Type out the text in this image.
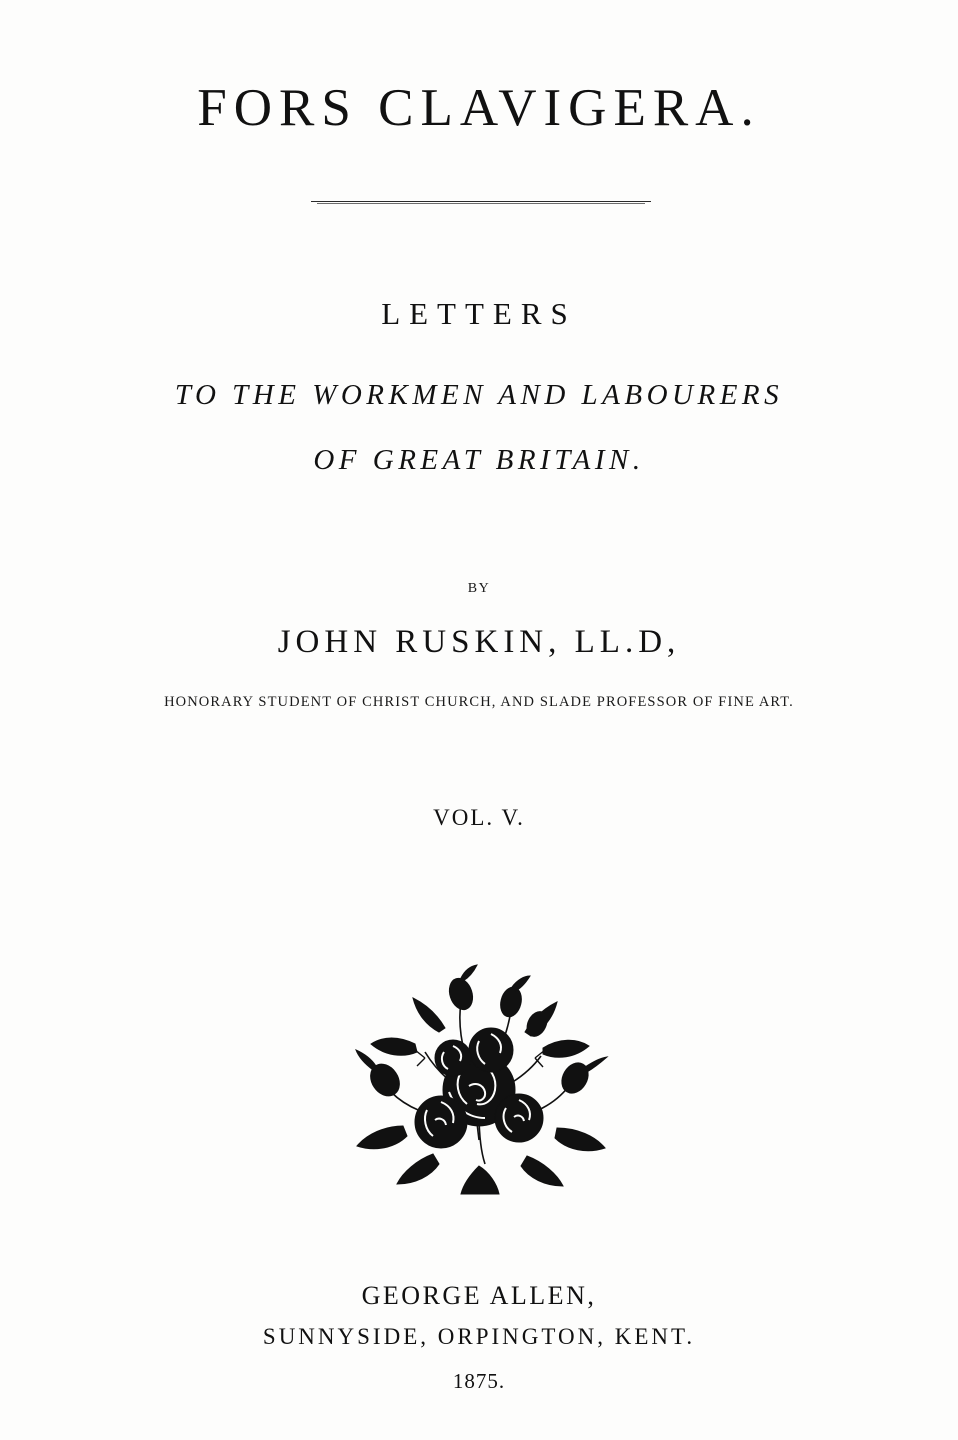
FORS CLAVIGERA.
LETTERS
TO THE WORKMEN AND LABOURERS
OF GREAT BRITAIN.
BY
JOHN RUSKIN, LL.D,
HONORARY STUDENT OF CHRIST CHURCH, AND SLADE PROFESSOR OF FINE ART.
VOL. V.
GEORGE ALLEN,
SUNNYSIDE, ORPINGTON, KENT.
1875.
